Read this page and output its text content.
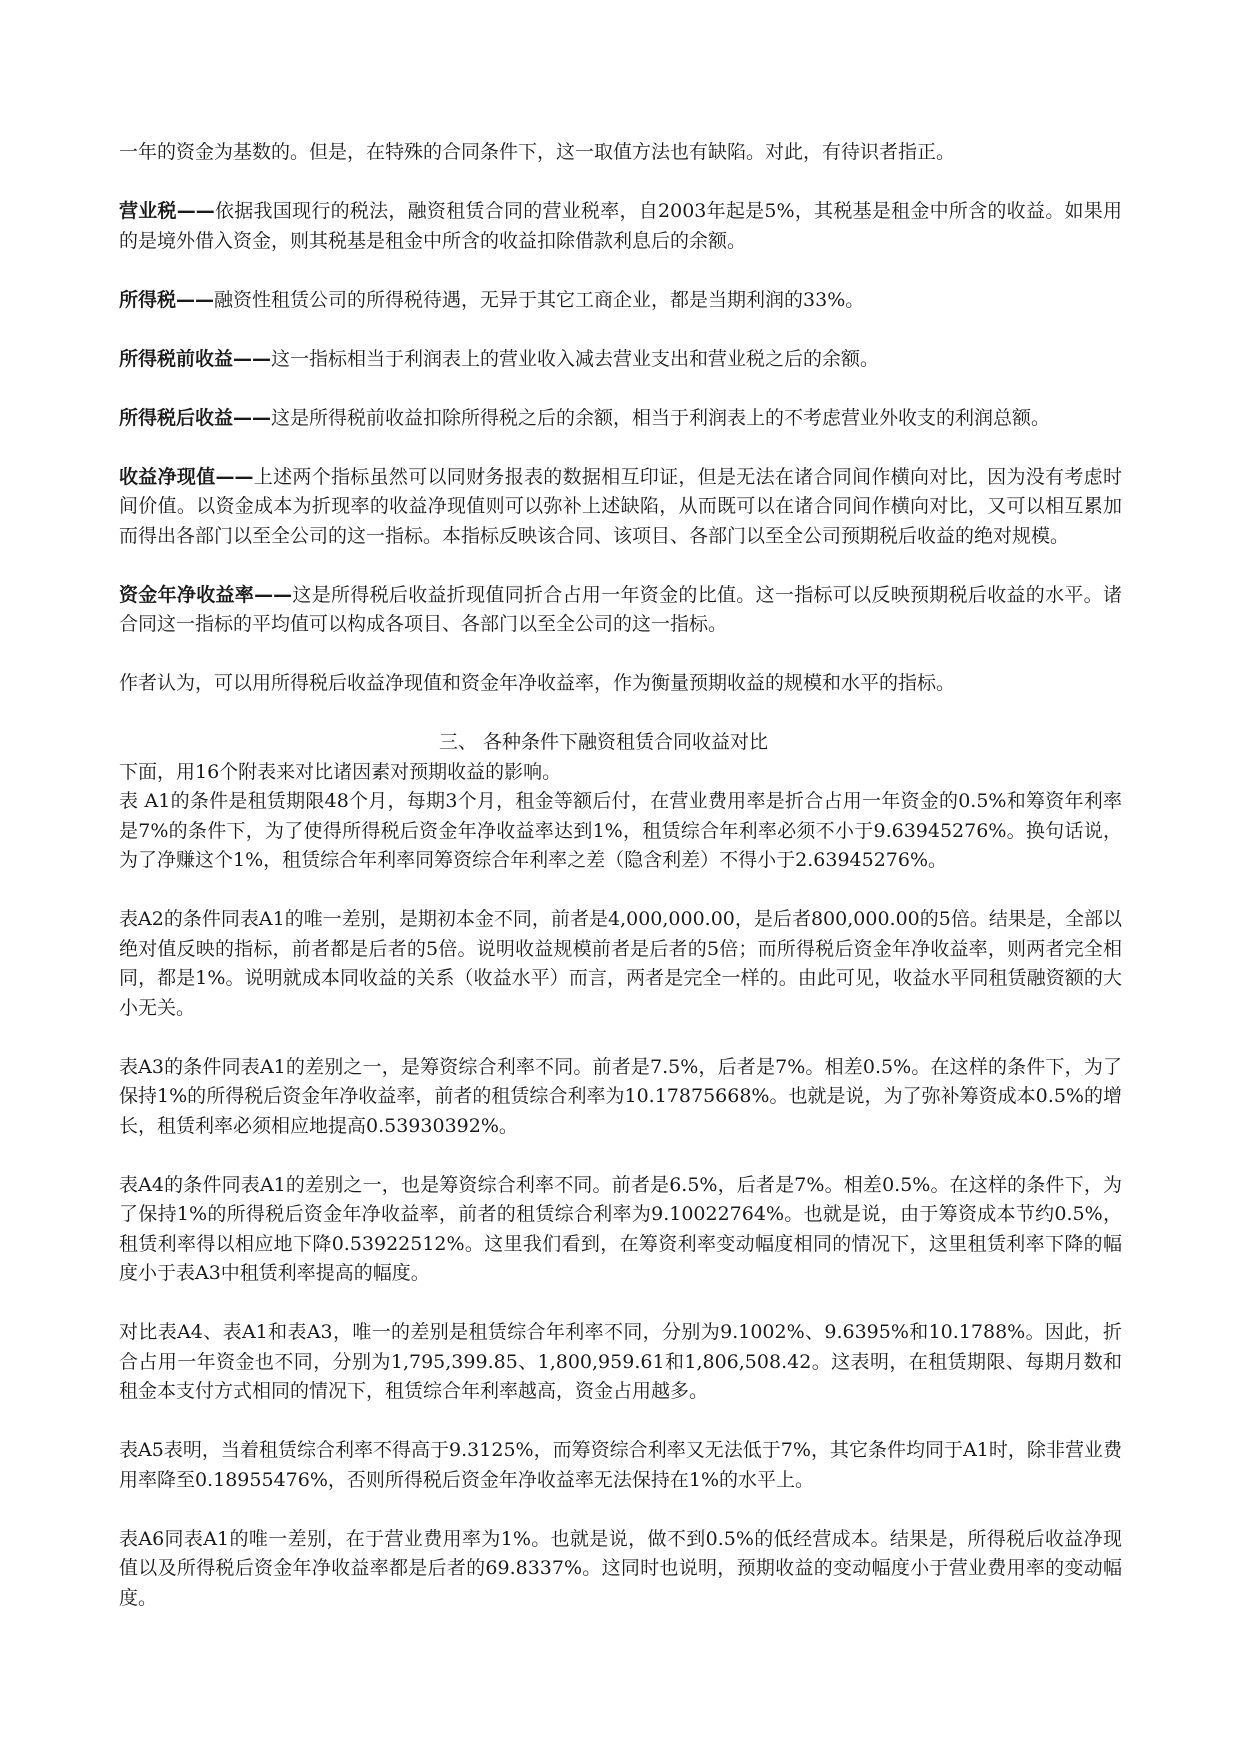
一年的资金为基数的。但是，在特殊的合同条件下，这一取值方法也有缺陷。对此，有待识者指正。

营业税——依据我国现行的税法，融资租赁合同的营业税率，自2003年起是5%，其税基是租金中所含的收益。如果用的是境外借入资金，则其税基是租金中所含的收益扣除借款利息后的余额。

所得税——融资性租赁公司的所得税待遇，无异于其它工商企业，都是当期利润的33%。

所得税前收益——这一指标相当于利润表上的营业收入减去营业支出和营业税之后的余额。

所得税后收益——这是所得税前收益扣除所得税之后的余额，相当于利润表上的不考虑营业外收支的利润总额。

收益净现值——上述两个指标虽然可以同财务报表的数据相互印证，但是无法在诸合同间作横向对比，因为没有考虑时间价值。以资金成本为折现率的收益净现值则可以弥补上述缺陷，从而既可以在诸合同间作横向对比，又可以相互累加而得出各部门以至全公司的这一指标。本指标反映该合同、该项目、各部门以至全公司预期税后收益的绝对规模。

资金年净收益率——这是所得税后收益折现值同折合占用一年资金的比值。这一指标可以反映预期税后收益的水平。诸合同这一指标的平均值可以构成各项目、各部门以至全公司的这一指标。

作者认为，可以用所得税后收益净现值和资金年净收益率，作为衡量预期收益的规模和水平的指标。

三、 各种条件下融资租赁合同收益对比

下面，用16个附表来对比诸因素对预期收益的影响。

表 A1的条件是租赁期限48个月，每期3个月，租金等额后付，在营业费用率是折合占用一年资金的0.5%和筹资年利率是7%的条件下，为了使得所得税后资金年净收益率达到1%，租赁综合年利率必须不小于9.63945276%。换句话说，为了净赚这个1%，租赁综合年利率同筹资综合年利率之差（隐含利差）不得小于2.63945276%。

表A2的条件同表A1的唯一差别，是期初本金不同，前者是4,000,000.00，是后者800,000.00的5倍。结果是，全部以绝对值反映的指标，前者都是后者的5倍。说明收益规模前者是后者的5倍；而所得税后资金年净收益率，则两者完全相同，都是1%。说明就成本同收益的关系（收益水平）而言，两者是完全一样的。由此可见，收益水平同租赁融资额的大小无关。

表A3的条件同表A1的差别之一，是筹资综合利率不同。前者是7.5%，后者是7%。相差0.5%。在这样的条件下，为了保持1%的所得税后资金年净收益率，前者的租赁综合利率为10.17875668%。也就是说，为了弥补筹资成本0.5%的增长，租赁利率必须相应地提高0.53930392%。

表A4的条件同表A1的差别之一，也是筹资综合利率不同。前者是6.5%，后者是7%。相差0.5%。在这样的条件下，为了保持1%的所得税后资金年净收益率，前者的租赁综合利率为9.10022764%。也就是说，由于筹资成本节约0.5%，租赁利率得以相应地下降0.53922512%。这里我们看到，在筹资利率变动幅度相同的情况下，这里租赁利率下降的幅度小于表A3中租赁利率提高的幅度。

对比表A4、表A1和表A3，唯一的差别是租赁综合年利率不同，分别为9.1002%、9.6395%和10.1788%。因此，折合占用一年资金也不同，分别为1,795,399.85、1,800,959.61和1,806,508.42。这表明，在租赁期限、每期月数和租金本支付方式相同的情况下，租赁综合年利率越高，资金占用越多。

表A5表明，当着租赁综合利率不得高于9.3125%，而筹资综合利率又无法低于7%，其它条件均同于A1时，除非营业费用率降至0.18955476%，否则所得税后资金年净收益率无法保持在1%的水平上。

表A6同表A1的唯一差别，在于营业费用率为1%。也就是说，做不到0.5%的低经营成本。结果是，所得税后收益净现值以及所得税后资金年净收益率都是后者的69.8337%。这同时也说明，预期收益的变动幅度小于营业费用率的变动幅度。
